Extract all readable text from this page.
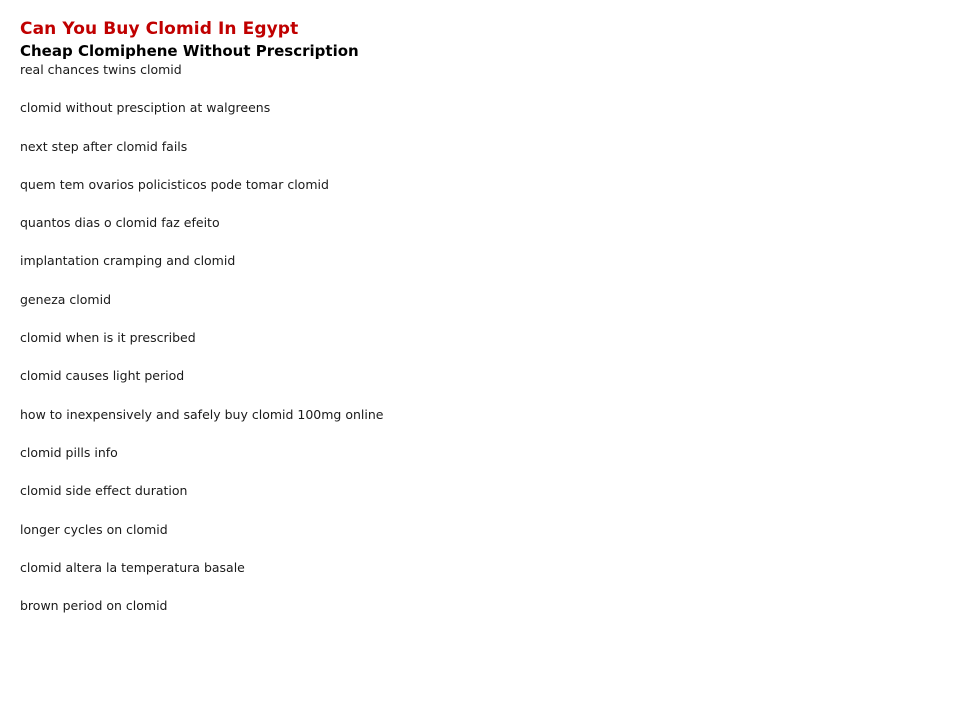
Can You Buy Clomid In Egypt
Cheap Clomiphene Without Prescription
real chances twins clomid
clomid without presciption at walgreens
next step after clomid fails
quem tem ovarios policisticos pode tomar clomid
quantos dias o clomid faz efeito
implantation cramping and clomid
geneza clomid
clomid when is it prescribed
clomid causes light period
how to inexpensively and safely buy clomid 100mg online
clomid pills info
clomid side effect duration
longer cycles on clomid
clomid altera la temperatura basale
brown period on clomid
